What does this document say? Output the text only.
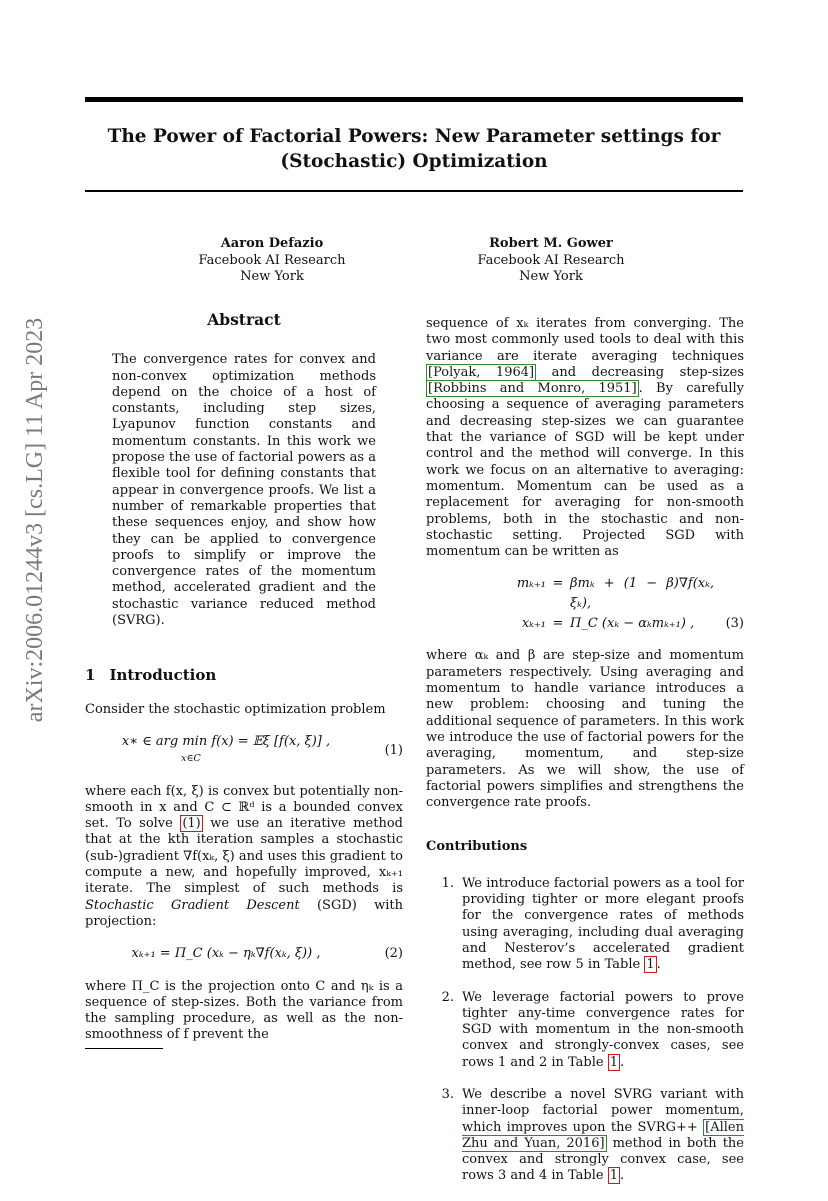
The Power of Factorial Powers: New Parameter settings for
(Stochastic) Optimization
Aaron Defazio
Facebook AI Research
New York
Robert M. Gower
Facebook AI Research
New York
arXiv:2006.01244v3 [cs.LG] 11 Apr 2023	Abstract

The convergence rates for convex and non-convex optimization methods depend on the choice of a host of constants, including step sizes, Lyapunov function constants and momentum constants. In this work we propose the use of factorial powers as a flexible tool for defining constants that appear in convergence proofs. We list a number of remarkable properties that these sequences enjoy, and show how they can be applied to convergence proofs to simplify or improve the convergence rates of the momentum method, accelerated gradient and the stochastic variance reduced method (SVRG).

1 Introduction

Consider the stochastic optimization problem

x∗ ∈ arg min f(x) = 𝔼ξ [f(x, ξ)] ,
x∈C
(1)

where each f(x, ξ) is convex but potentially non-smooth in x and C ⊂ ℝᵈ is a bounded convex set. To solve (1) we use an iterative method that at the kth iteration samples a stochastic (sub-)gradient ∇f(xₖ, ξ) and uses this gradient to compute a new, and hopefully improved, xₖ₊₁ iterate. The simplest of such methods is Stochastic Gradient Descent (SGD) with projection:

xₖ₊₁ = Π_C (xₖ − ηₖ∇f(xₖ, ξ)) ,	(2)

where Π_C is the projection onto C and ηₖ is a sequence of step-sizes. Both the variance from the sampling procedure, as well as the non-smoothness of f prevent the

sequence of xₖ iterates from converging. The two most commonly used tools to deal with this variance are iterate averaging techniques [Polyak, 1964] and decreasing step-sizes [Robbins and Monro, 1951] . By carefully choosing a sequence of averaging parameters and decreasing step-sizes we can guarantee that the variance of SGD will be kept under control and the method will converge. In this work we focus on an alternative to averaging: momentum. Momentum can be used as a replacement for averaging for non-smooth problems, both in the stochastic and non-stochastic setting. Projected SGD with momentum can be written as

mₖ₊₁ = βmₖ + (1 − β)∇f(xₖ, ξₖ),
xₖ₊₁ = Π_C (xₖ − αₖmₖ₊₁) ,	(3)

where αₖ and β are step-size and momentum parameters respectively. Using averaging and momentum to handle variance introduces a new problem: choosing and tuning the additional sequence of parameters. In this work we introduce the use of factorial powers for the averaging, momentum, and step-size parameters. As we will show, the use of factorial powers simplifies and strengthens the convergence rate proofs.

Contributions
1. We introduce factorial powers as a tool for providing tighter or more elegant proofs for the convergence rates of methods using averaging, including dual averaging and Nesterov’s accelerated gradient method, see row 5 in Table 1 .
2. We leverage factorial powers to prove tighter any-time convergence rates for SGD with momentum in the non-smooth convex and strongly-convex cases, see rows 1 and 2 in Table 1 .
3. We describe a novel SVRG variant with inner-loop factorial power momentum, which improves upon the SVRG++ [Allen Zhu and Yuan, 2016] method in both the convex and strongly convex case, see rows 3 and 4 in Table 1 .
